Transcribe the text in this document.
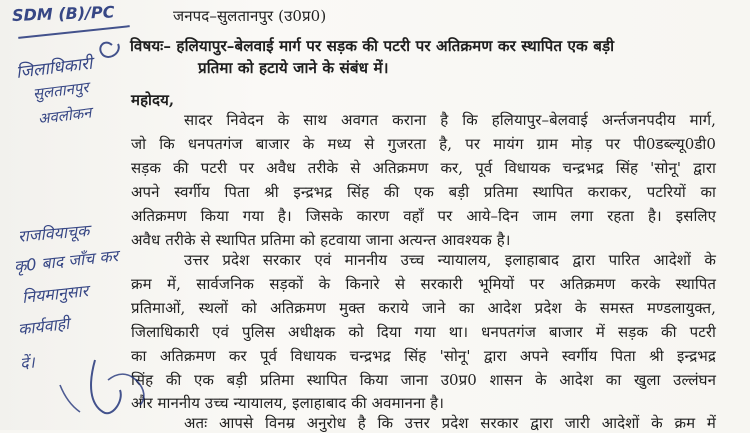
SDM (B)/PC	जनपद–सुलतानपुर (उ0प्र0)
विषयः– हलियापुर–बेलवाई मार्ग पर सड़क की पटरी पर अतिक्रमण कर स्थापित एक बड़ी
प्रतिमा को हटाये जाने के संबंध में।
महोदय,
सादर निवेदन के साथ अवगत कराना है कि हलियापुर–बेलवाई अर्न्तजनपदीय मार्ग,
जो कि धनपतगंज बाजार के मध्य से गुजरता है, पर मायंग ग्राम मोड़ पर पी0डब्ल्यू0डी0
सड़क की पटरी पर अवैध तरीके से अतिक्रमण कर, पूर्व विधायक चन्द्रभद्र सिंह 'सोनू' द्वारा
अपने स्वर्गीय पिता श्री इन्द्रभद्र सिंह की एक बड़ी प्रतिमा स्थापित कराकर, पटरियों का
अतिक्रमण किया गया है। जिसके कारण वहाँ पर आये–दिन जाम लगा रहता है। इसलिए
अवैध तरीके से स्थापित प्रतिमा को हटवाया जाना अत्यन्त आवश्यक है।
उत्तर प्रदेश सरकार एवं माननीय उच्च न्यायालय, इलाहाबाद द्वारा पारित आदेशों के
क्रम में, सार्वजनिक सड़कों के किनारे से सरकारी भूमियों पर अतिक्रमण करके स्थापित
प्रतिमाओं, स्थलों को अतिक्रमण मुक्त कराये जाने का आदेश प्रदेश के समस्त मण्डलायुक्त,
जिलाधिकारी एवं पुलिस अधीक्षक को दिया गया था। धनपतगंज बाजार में सड़क की पटरी
का अतिक्रमण कर पूर्व विधायक चन्द्रभद्र सिंह 'सोनू' द्वारा अपने स्वर्गीय पिता श्री इन्द्रभद्र
सिंह की एक बड़ी प्रतिमा स्थापित किया जाना उ0प्र0 शासन के आदेश का खुला उल्लंघन
और माननीय उच्च न्यायालय, इलाहाबाद की अवमानना है।
अतः आपसे विनम्र अनुरोध है कि उत्तर प्रदेश सरकार द्वारा जारी आदेशों के क्रम में
जिलाधिकारी
सुलतानपुर
अवलोकन
राजवियाचूक
कृ0 बाद जाँच कर
नियमानुसार
कार्यवाही
दें।
